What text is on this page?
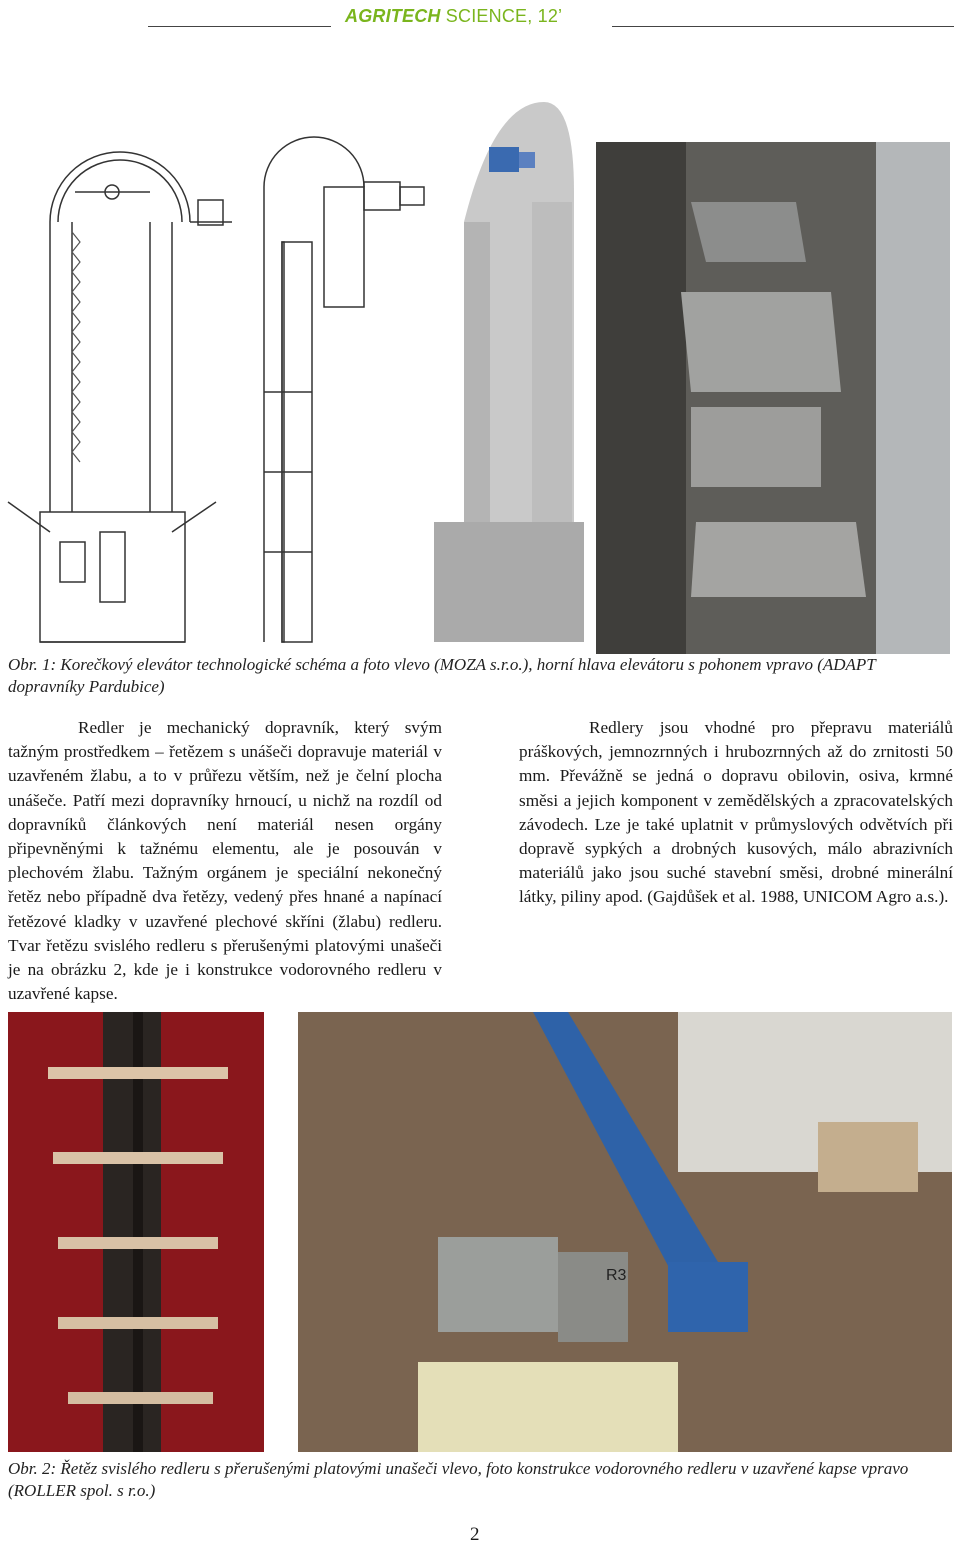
AGRITECH SCIENCE, 12’
Obr. 1: Korečkový elevátor technologické schéma a foto vlevo (MOZA s.r.o.), horní hlava elevátoru s pohonem vpravo (ADAPT dopravníky Pardubice)

Redler je mechanický dopravník, který svým tažným prostředkem – řetězem s unášeči dopravuje materiál v uzavřeném žlabu, a to v průřezu větším, než je čelní plocha unášeče. Patří mezi dopravníky hrnoucí, u nichž na rozdíl od dopravníků článkových není materiál nesen orgány připevněnými k tažnému elementu, ale je posouván v plechovém žlabu. Tažným orgánem je speciální nekonečný řetěz nebo případně dva řetězy, vedený přes hnané a napínací řetězové kladky v uzavřené plechové skříni (žlabu) redleru. Tvar řetězu svislého redleru s přerušenými platovými unašeči je na obrázku 2, kde je i konstrukce vodorovného redleru v uzavřené kapse.

Redlery jsou vhodné pro přepravu materiálů práškových, jemnozrnných i hrubozrnných až do zrnitosti 50 mm. Převážně se jedná o dopravu obilovin, osiva, krmné směsi a jejich komponent v zemědělských a zpracovatelských závodech. Lze je také uplatnit v průmyslových odvětvích při dopravě sypkých a drobných kusových, málo abrazivních materiálů jako jsou suché stavební směsi, drobné minerální látky, piliny apod. (Gajdůšek et al. 1988, UNICOM Agro a.s.).

R3
Obr. 2: Řetěz svislého redleru s přerušenými platovými unašeči vlevo, foto konstrukce vodorovného redleru v uzavřené kapse vpravo (ROLLER spol. s r.o.)
2
